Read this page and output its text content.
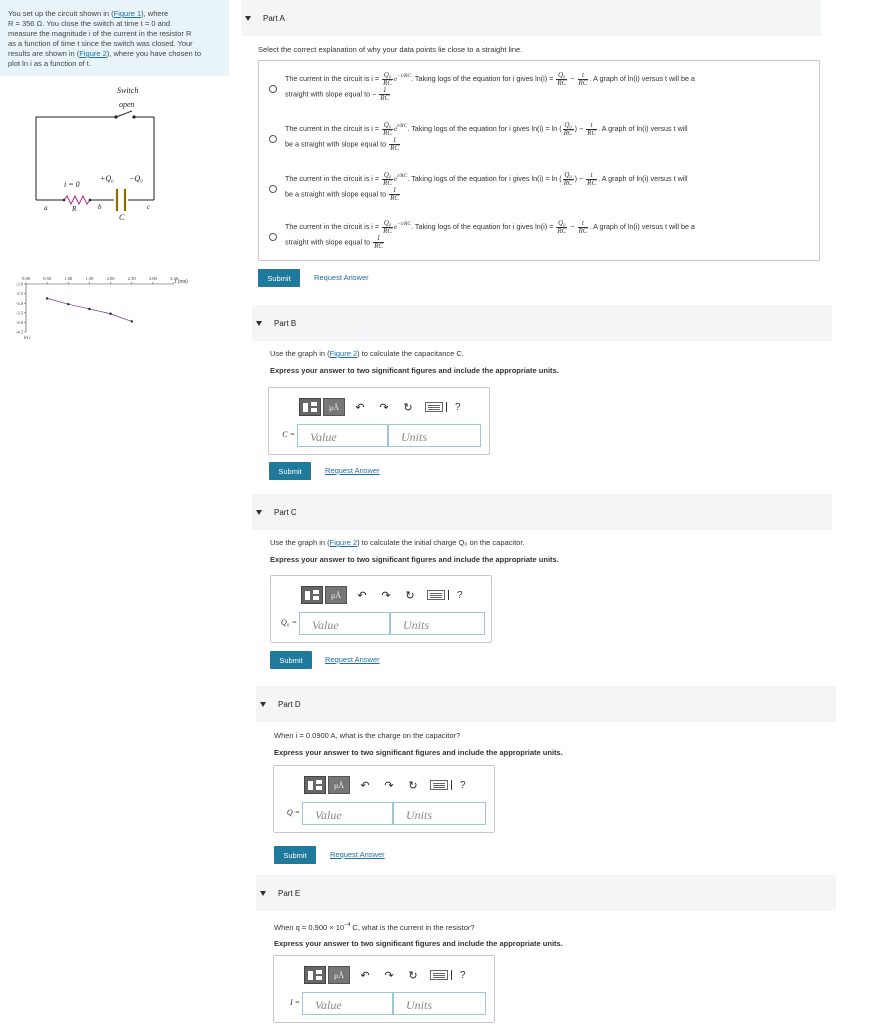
You set up the circuit shown in (Figure 1), where
R = 356 Ω. You close the switch at time t = 0 and
measure the magnitude i of the current in the resistor R
as a function of time t since the switch was closed. Your
results are shown in (Figure 2), where you have chosen to
plot ln i as a function of t.
Switch
open
i = 0
+Q₀ −Q₀
a	R	b	c
C
0.00	0.50	1.00	1.50	2.00	2.50	3.00	3.50
-2.0
-2.5
-3.0
-3.5
-4.0
-4.5
t (ms)
ln i
Part A
Select the correct explanation of why your data points lie close to a straight line.
The current in the circuit is $i = \frac{\text{Q₀}}{RC} e^{-t/RC}$. Taking logs of the equation for i gives $\ln(i) = \frac{\text{Q₀}}{RC} - \frac{t}{RC}$ . A graph of ln(i) versus t will be a
straight with slope equal to − $\frac{1}{RC}$
The current in the circuit is $i = \frac{\text{Q₀}}{RC} e^{t/RC}$. Taking logs of the equation for i gives ln(i) = ln ( $\frac{\text{Q₀}}{RC}$ ) − $\frac{t}{RC}$ . A graph of ln(i) versus t will
be a straight with slope equal to $\frac{1}{RC}$
The current in the circuit is $i = \frac{\text{Q₀}}{RC} e^{t/RC}$. Taking logs of the equation for i gives ln(i) = ln ( $\frac{\text{Q₀}}{RC}$ ) − $\frac{t}{RC}$ . A graph of ln(i) versus t will
be a straight with slope equal to $\frac{1}{RC}$
The current in the circuit is $i = \frac{\text{Q₀}}{RC} e^{-t/RC}$. Taking logs of the equation for i gives $\ln(i) = \frac{\text{Q₀}}{RC} - \frac{t}{RC}$ . A graph of ln(i) versus t will be a
straight with slope equal to $\frac{1}{RC}$
Submit	Request Answer
Part B
Use the graph in (Figure 2) to calculate the capacitance C.
Express your answer to two significant figures and include the appropriate units.
μÅ	↶	↷	↻	?
C =
Value
Units
Submit	Request Answer
Part C
Use the graph in (Figure 2) to calculate the initial charge Q₀ on the capacitor.
Express your answer to two significant figures and include the appropriate units.
μÅ	↶	↷	↻	?
Q₀ =
Value
Units
Submit	Request Answer
Part D
When i = 0.0900 A, what is the charge on the capacitor?
Express your answer to two significant figures and include the appropriate units.
μÅ	↶	↷	↻	?
Q =
Value
Units
Submit	Request Answer
Part E
When $q = 0.900 \times 10^{-4}$ C, what is the current in the resistor?
Express your answer to two significant figures and include the appropriate units.
μÅ	↶	↷	↻	?
I =
Value
Units
